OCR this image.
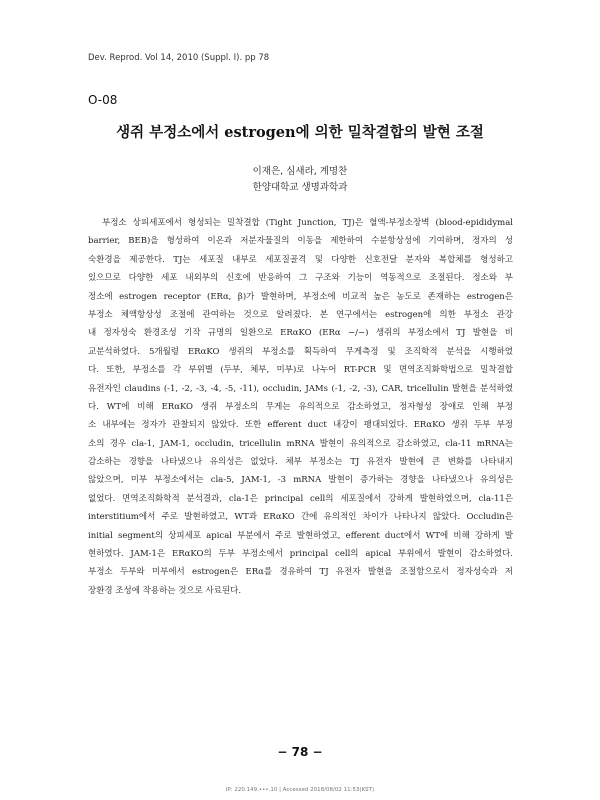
Dev. Reprod. Vol 14, 2010 (Suppl. I). pp 78
O-08
생쥐 부정소에서 estrogen에 의한 밀착결합의 발현 조절
이재은, 심새라, 계명찬
한양대학교 생명과학과
부정소 상피세포에서 형성되는 밀착결합 (Tight Junction, TJ)은 혈액-부정소장벽 (blood-epididymal
barrier, BEB)을 형성하여 이온과 저분자물질의 이동을 제한하여 수분항상성에 기여하며, 정자의 성
숙환경을 제공한다. TJ는 세포질 내부로 세포질골격 및 다양한 신호전달 분자와 복합체를 형성하고
있으므로 다양한 세포 내외부의 신호에 반응하여 그 구조와 기능이 역동적으로 조절된다. 정소와 부
정소에 estrogen receptor (ERα, β)가 발현하며, 부정소에 비교적 높은 농도로 존재하는 estrogen은
부정소 체액항상성 조절에 관여하는 것으로 알려졌다. 본 연구에서는 estrogen에 의한 부정소 관강
내 정자성숙 환경조성 기작 규명의 일환으로 ERαKO (ERα −/−) 생쥐의 부정소에서 TJ 발현을 비
교분석하였다. 5개월령 ERαKO 생쥐의 부정소를 획득하여 무게측정 및 조직학적 분석을 시행하였
다. 또한, 부정소를 각 부위별 (두부, 체부, 미부)로 나누어 RT-PCR 및 면역조직화학법으로 밀착결합
유전자인 claudins (-1, -2, -3, -4, -5, -11), occludin, JAMs (-1, -2, -3), CAR, tricellulin 발현을 분석하였
다. WT에 비해 ERαKO 생쥐 부정소의 무게는 유의적으로 감소하였고, 정자형성 장애로 인해 부정
소 내부에는 정자가 관찰되지 않았다. 또한 efferent duct 내강이 팽대되었다. ERαKO 생쥐 두부 부정
소의 경우 cla-1, JAM-1, occludin, tricellulin mRNA 발현이 유의적으로 감소하였고, cla-11 mRNA는
감소하는 경향을 나타냈으나 유의성은 없었다. 체부 부정소는 TJ 유전자 발현에 큰 변화를 나타내지
않았으며, 미부 부정소에서는 cla-5, JAM-1, -3 mRNA 발현이 증가하는 경향을 나타냈으나 유의성은
없었다. 면역조직화학적 분석결과, cla-1은 principal cell의 세포질에서 강하게 발현하였으며, cla-11은
interstitium에서 주로 발현하였고, WT과 ERαKO 간에 유의적인 차이가 나타나지 않았다. Occludin은
initial segment의 상피세포 apical 부분에서 주로 발현하였고, efferent duct에서 WT에 비해 강하게 발
현하였다. JAM-1은 ERαKO의 두부 부정소에서 principal cell의 apical 부위에서 발현이 감소하였다.
부정소 두부와 미부에서 estrogen은 ERα를 경유하여 TJ 유전자 발현을 조절함으로서 정자성숙과 저
장환경 조성에 작용하는 것으로 사료된다.
− 78 −
IP: 220.149.•••.10 | Accessed 2018/08/02 11:53(KST)
